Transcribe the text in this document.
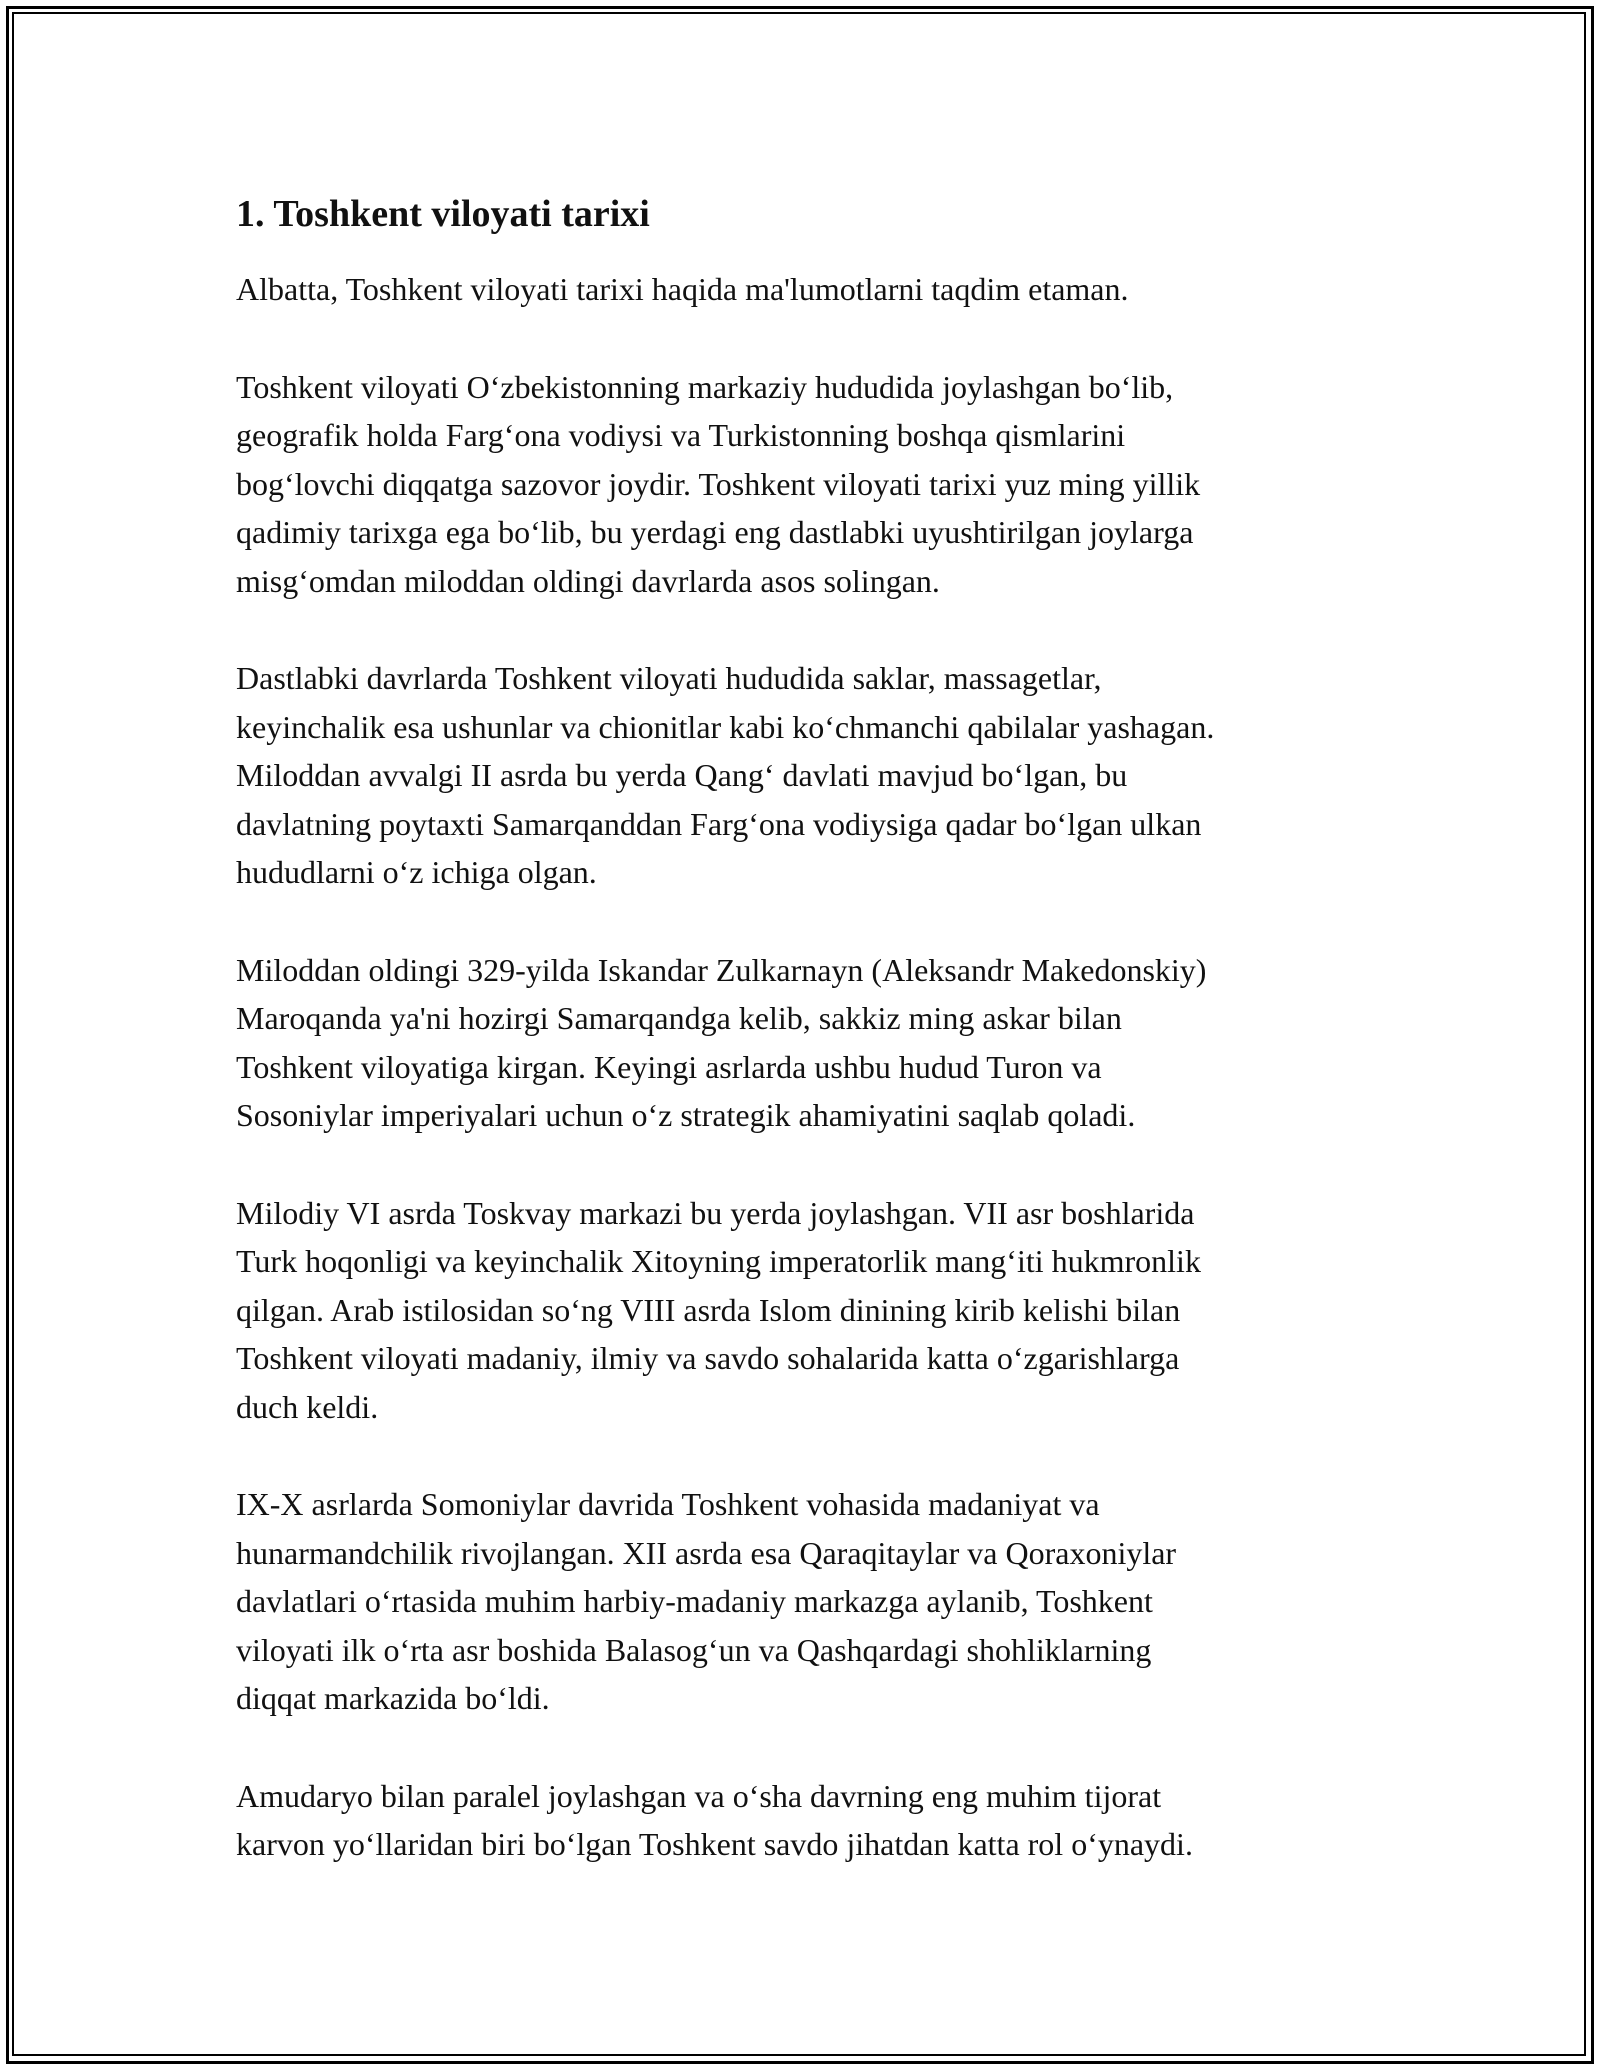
1. Toshkent viloyati tarixi

Albatta, Toshkent viloyati tarixi haqida ma'lumotlarni taqdim etaman.

Toshkent viloyati O‘zbekistonning markaziy hududida joylashgan bo‘lib,
geografik holda Farg‘ona vodiysi va Turkistonning boshqa qismlarini
bog‘lovchi diqqatga sazovor joydir. Toshkent viloyati tarixi yuz ming yillik
qadimiy tarixga ega bo‘lib, bu yerdagi eng dastlabki uyushtirilgan joylarga
misg‘omdan miloddan oldingi davrlarda asos solingan.

Dastlabki davrlarda Toshkent viloyati hududida saklar, massagetlar,
keyinchalik esa ushunlar va chionitlar kabi ko‘chmanchi qabilalar yashagan.
Miloddan avvalgi II asrda bu yerda Qang‘ davlati mavjud bo‘lgan, bu
davlatning poytaxti Samarqanddan Farg‘ona vodiysiga qadar bo‘lgan ulkan
hududlarni o‘z ichiga olgan.

Miloddan oldingi 329-yilda Iskandar Zulkarnayn (Aleksandr Makedonskiy)
Maroqanda ya'ni hozirgi Samarqandga kelib, sakkiz ming askar bilan
Toshkent viloyatiga kirgan. Keyingi asrlarda ushbu hudud Turon va
Sosoniylar imperiyalari uchun o‘z strategik ahamiyatini saqlab qoladi.

Milodiy VI asrda Toskvay markazi bu yerda joylashgan. VII asr boshlarida
Turk hoqonligi va keyinchalik Xitoyning imperatorlik mang‘iti hukmronlik
qilgan. Arab istilosidan so‘ng VIII asrda Islom dinining kirib kelishi bilan
Toshkent viloyati madaniy, ilmiy va savdo sohalarida katta o‘zgarishlarga
duch keldi.

IX-X asrlarda Somoniylar davrida Toshkent vohasida madaniyat va
hunarmandchilik rivojlangan. XII asrda esa Qaraqitaylar va Qoraxoniylar
davlatlari o‘rtasida muhim harbiy-madaniy markazga aylanib, Toshkent
viloyati ilk o‘rta asr boshida Balasog‘un va Qashqardagi shohliklarning
diqqat markazida bo‘ldi.

Amudaryo bilan paralel joylashgan va o‘sha davrning eng muhim tijorat
karvon yo‘llaridan biri bo‘lgan Toshkent savdo jihatdan katta rol o‘ynaydi.
